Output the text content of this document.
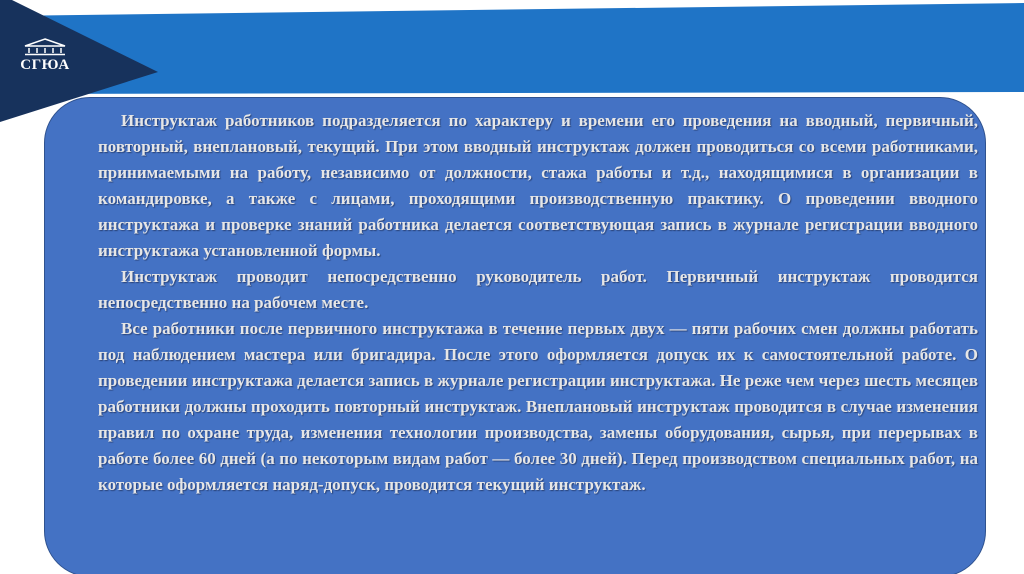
СГЮА

Инструктаж работников подразделяется по характеру и времени его проведения на вводный, первичный, повторный, внеплановый, текущий. При этом вводный инструктаж должен проводиться со всеми работниками, принимаемыми на работу, независимо от должности, стажа работы и т.д., находящимися в организации в командировке, а также с лицами, проходящими производственную практику. О проведении вводного инструктажа и проверке знаний работника делается соответствующая запись в журнале регистрации вводного инструктажа установленной формы.

Инструктаж проводит непосредственно руководитель работ. Первичный инструктаж проводится непосредственно на рабочем месте.

Все работники после первичного инструктажа в течение первых двух — пяти рабочих смен должны работать под наблюдением мастера или бригадира. После этого оформляется допуск их к самостоятельной работе. О проведении инструктажа делается запись в журнале регистрации инструктажа. Не реже чем через шесть месяцев работники должны проходить повторный инструктаж. Внеплановый инструктаж проводится в случае изменения правил по охране труда, изменения технологии производства, замены оборудования, сырья, при перерывах в работе более 60 дней (а по некоторым видам работ — более 30 дней). Перед производством специальных работ, на которые оформляется наряд-допуск, проводится текущий инструктаж.
